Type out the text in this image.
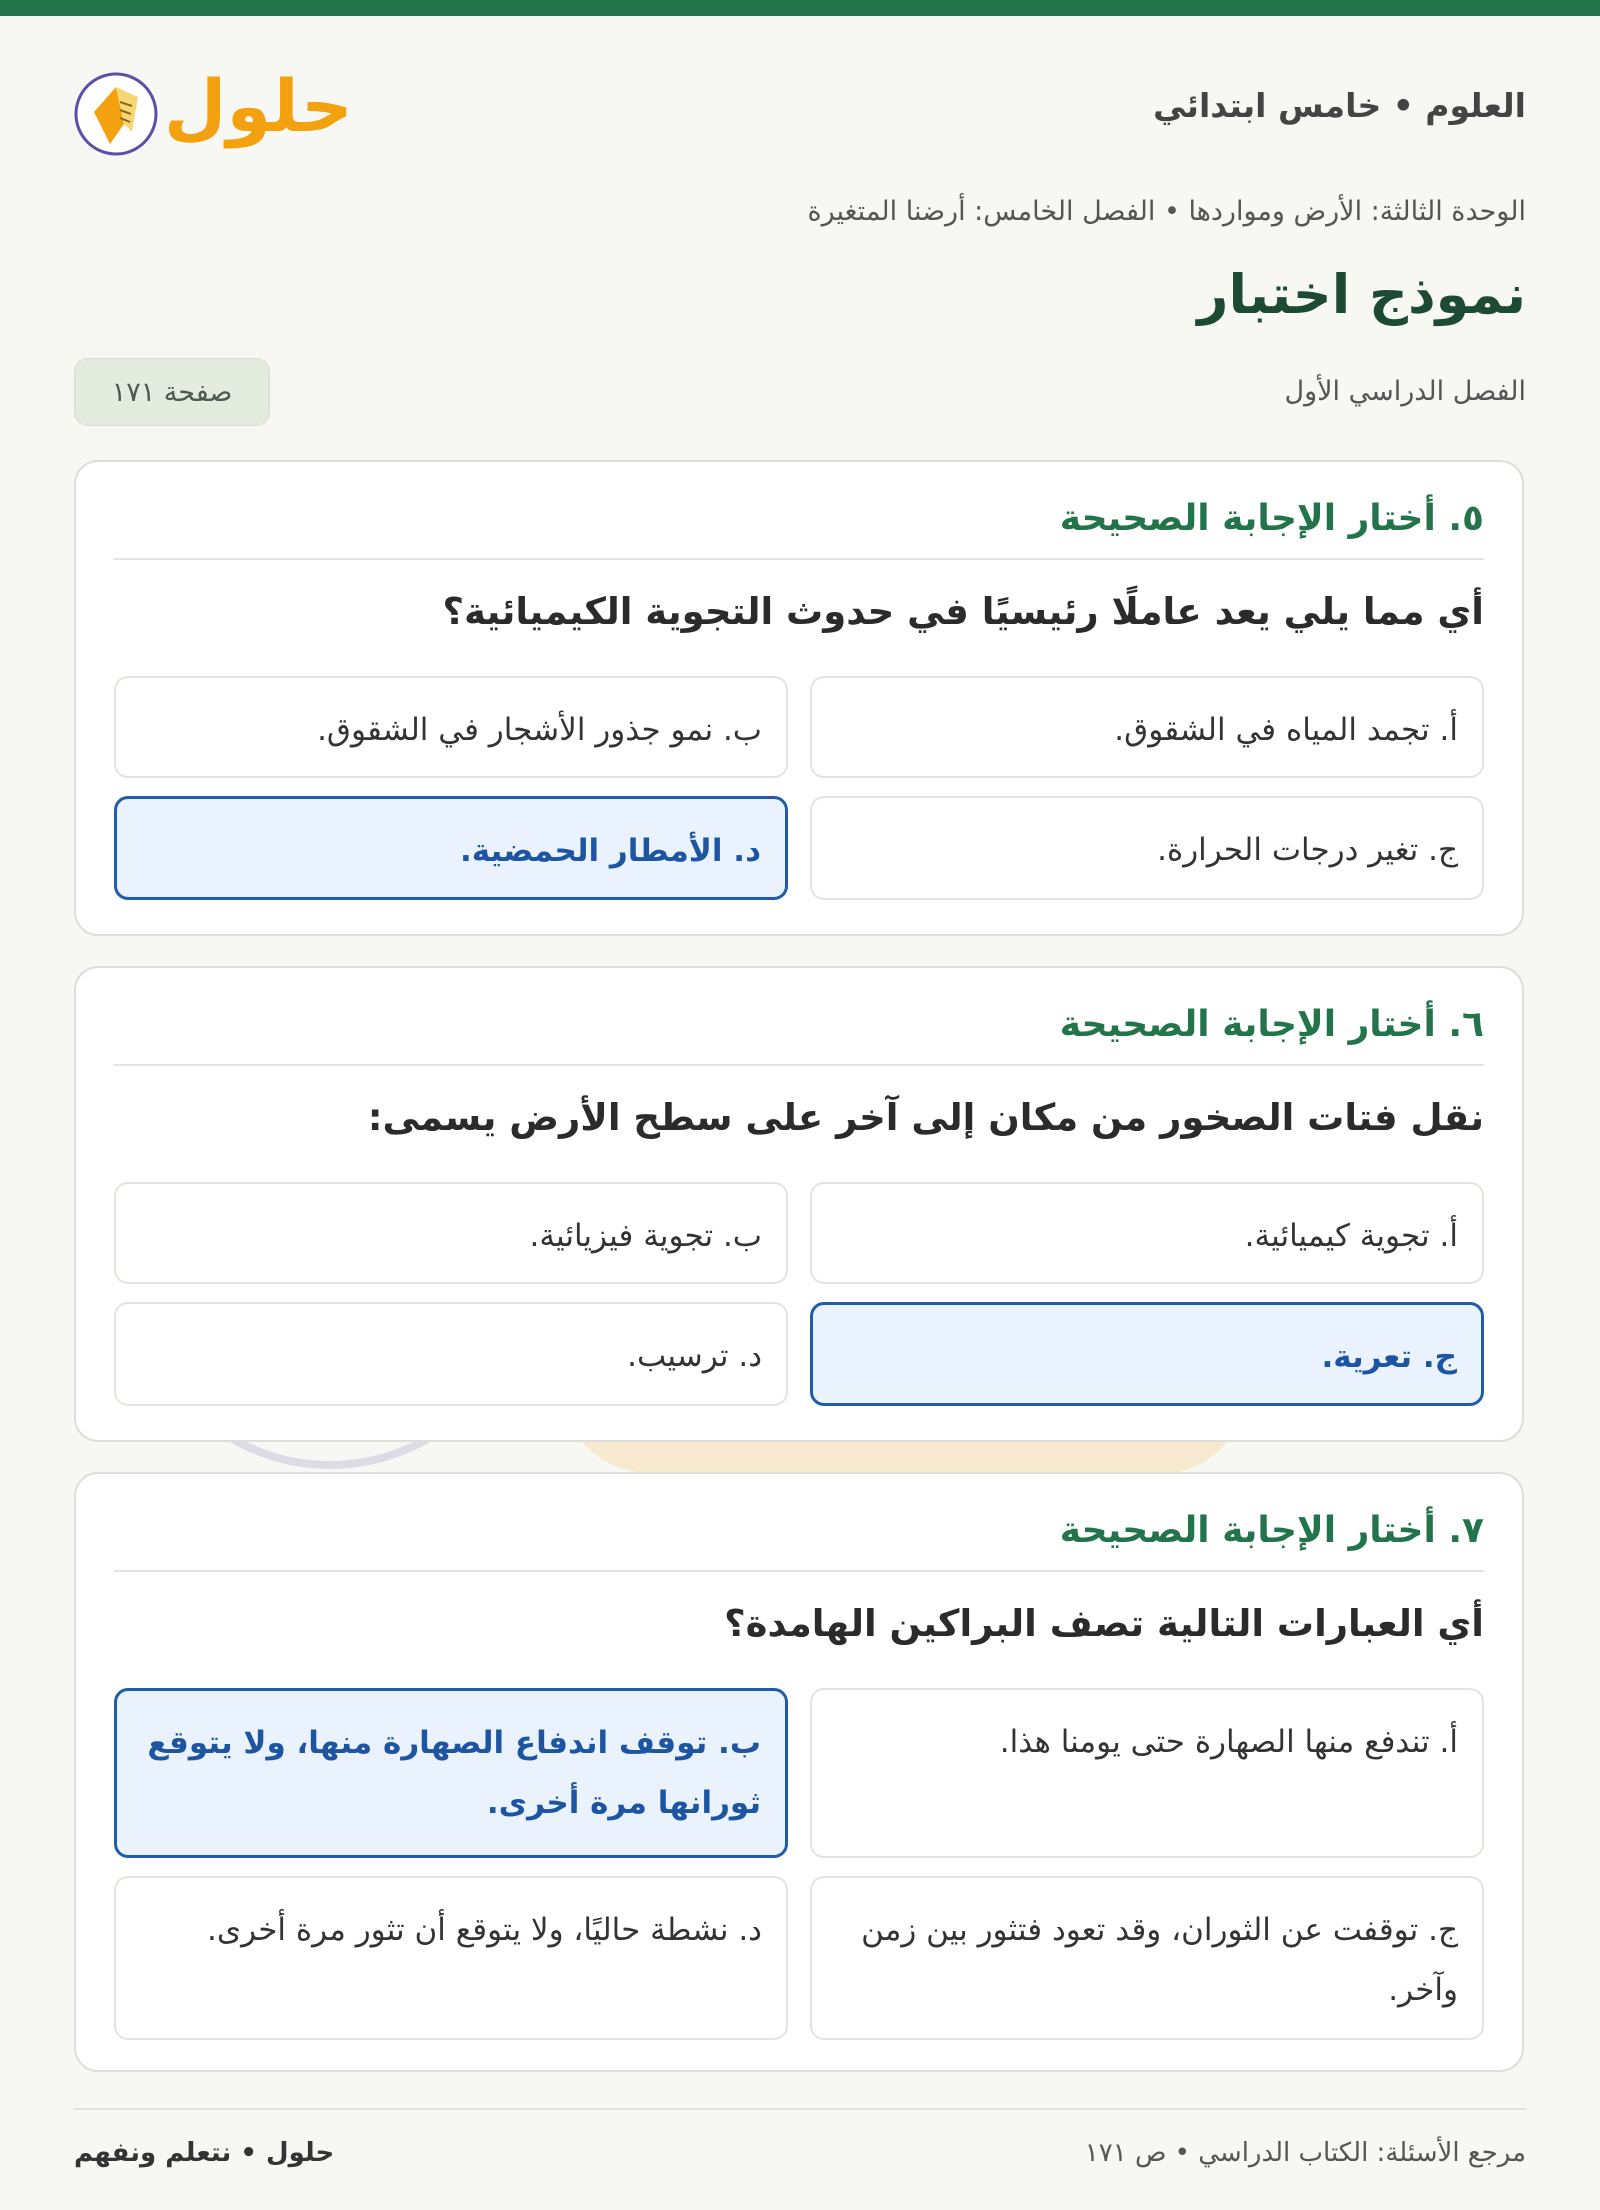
العلوم • خامس ابتدائي

حلول

الوحدة الثالثة: الأرض ومواردها • الفصل الخامس: أرضنا المتغيرة

نموذج اختبار

الفصل الدراسي الأول

صفحة ١٧١

٥. أختار الإجابة الصحيحة

أي مما يلي يعد عاملًا رئيسيًا في حدوث التجوية الكيميائية؟

أ. تجمد المياه في الشقوق.
ب. نمو جذور الأشجار في الشقوق.
ج. تغير درجات الحرارة.
د. الأمطار الحمضية.

٦. أختار الإجابة الصحيحة

نقل فتات الصخور من مكان إلى آخر على سطح الأرض يسمى:

أ. تجوية كيميائية.
ب. تجوية فيزيائية.
ج. تعرية.
د. ترسيب.

٧. أختار الإجابة الصحيحة

أي العبارات التالية تصف البراكين الهامدة؟

أ. تندفع منها الصهارة حتى يومنا هذا.
ب. توقف اندفاع الصهارة منها، ولا يتوقع ثورانها مرة أخرى.
ج. توقفت عن الثوران، وقد تعود فتثور بين زمن وآخر.
د. نشطة حاليًا، ولا يتوقع أن تثور مرة أخرى.

حلول • نتعلم ونفهم	مرجع الأسئلة: الكتاب الدراسي • ص ١٧١
